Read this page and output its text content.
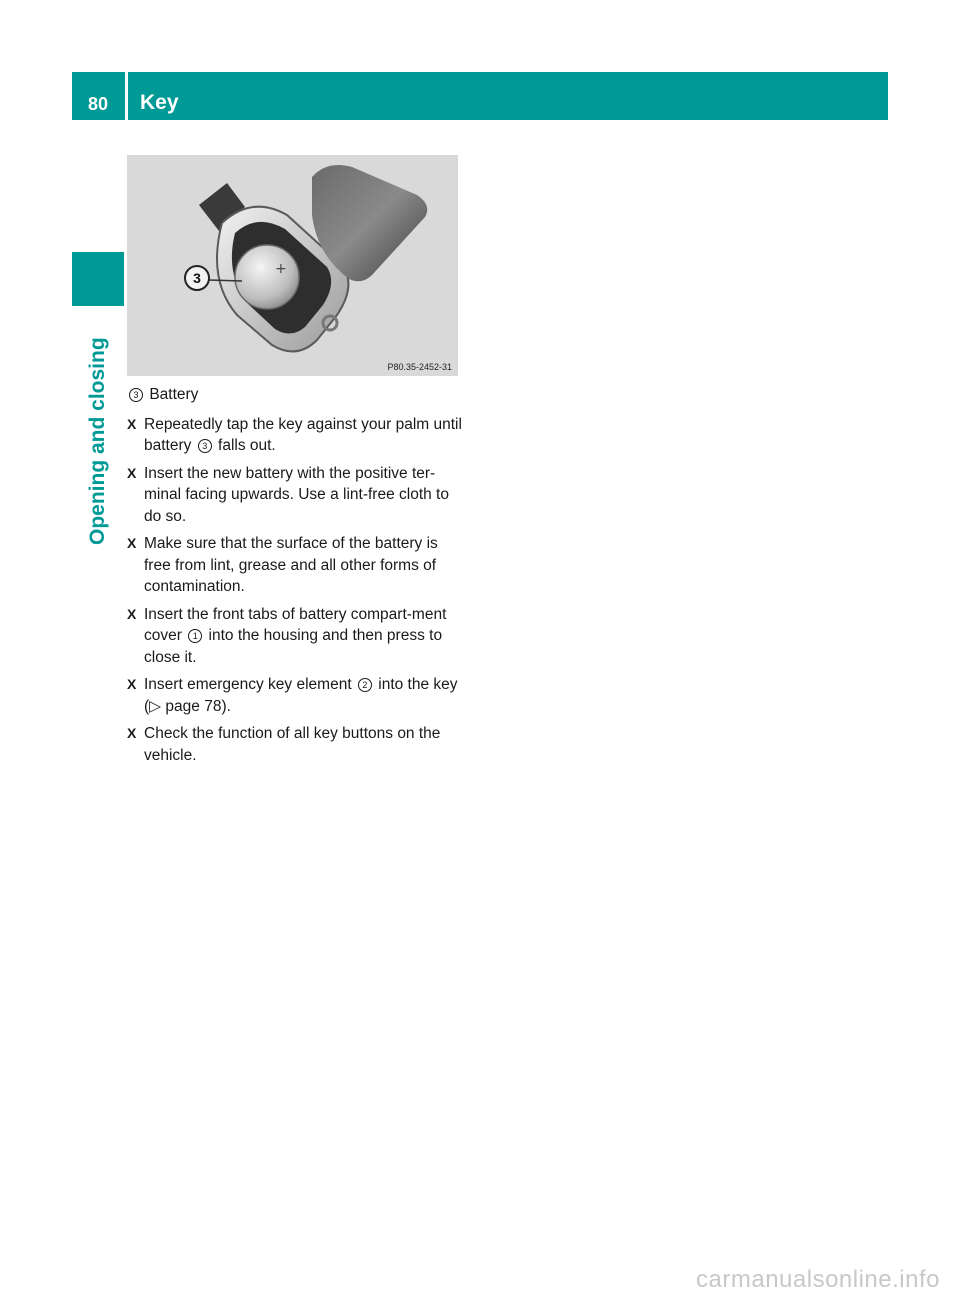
80	Key
Opening and closing
+
3
P80.35-2452-31
3 Battery
X Repeatedly tap the key against your palm until battery 3 falls out.
X Insert the new battery with the positive ter-minal facing upwards. Use a lint-free cloth to do so.
X Make sure that the surface of the battery is free from lint, grease and all other forms of contamination.
X Insert the front tabs of battery compart-ment cover 1 into the housing and then press to close it.
X Insert emergency key element 2 into the key (▷ page 78).
X Check the function of all key buttons on the vehicle.
carmanualsonline.info
